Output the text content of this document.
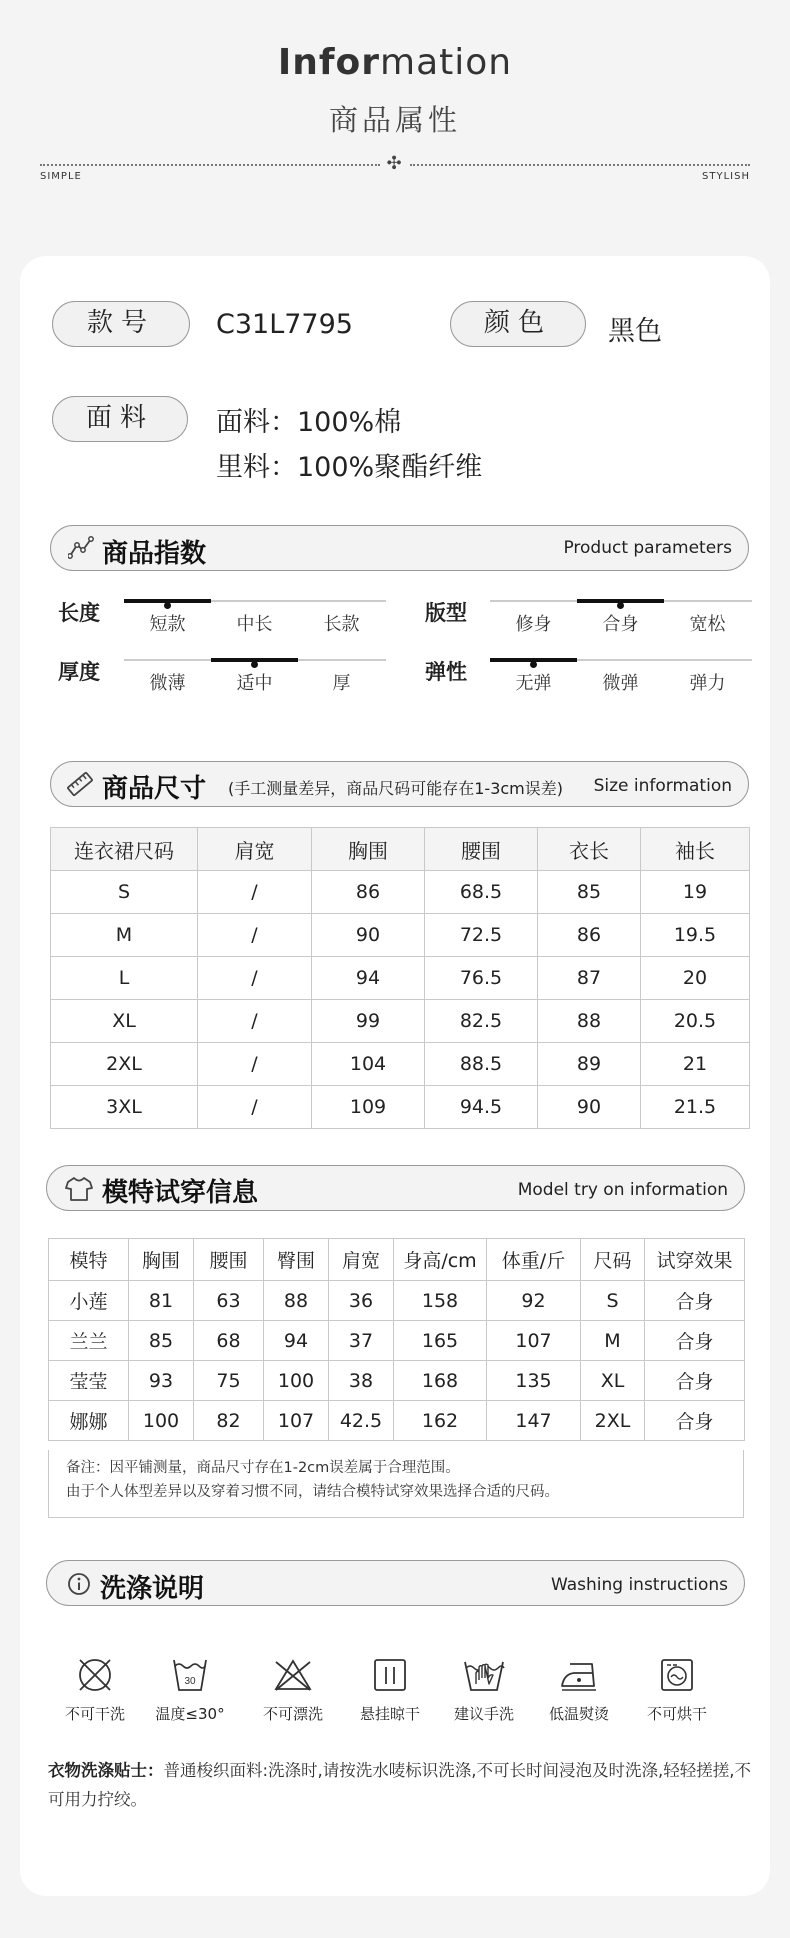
Information
商品属性
✣
SIMPLE	STYLISH
款号	C31L7795	颜色	黑色
面料	面料：100%棉
里料：100%聚酯纤维
商品指数	Product parameters
长度	短款	中长	长款	版型	修身	合身	宽松
厚度	微薄	适中	厚	弹性	无弹	微弹	弹力
商品尺寸 (手工测量差异，商品尺码可能存在1-3cm误差) Size information
连衣裙尺码	肩宽	胸围	腰围	衣长	袖长
S	/	86	68.5	85	19
M	/	90	72.5	86	19.5
L	/	94	76.5	87	20
XL	/	99	82.5	88	20.5
2XL	/	104	88.5	89	21
3XL	/	109	94.5	90	21.5
模特试穿信息	Model try on information
模特	胸围	腰围	臀围	肩宽	身高/cm	体重/斤	尺码	试穿效果
小莲	81	63	88	36	158	92	S	合身
兰兰	85	68	94	37	165	107	M	合身
莹莹	93	75	100	38	168	135	XL	合身
娜娜	100	82	107	42.5	162	147	2XL	合身
备注：因平铺测量，商品尺寸存在1-2cm误差属于合理范围。
由于个人体型差异以及穿着习惯不同，请结合模特试穿效果选择合适的尺码。
洗涤说明	Washing instructions
不可干洗
30
温度≤30°	不可漂洗	悬挂晾干	建议手洗	低温熨烫	不可烘干
衣物洗涤贴士：普通梭织面料:洗涤时,请按洗水唛标识洗涤,不可长时间浸泡及时洗涤,轻轻搓搓,不可用力拧绞。
